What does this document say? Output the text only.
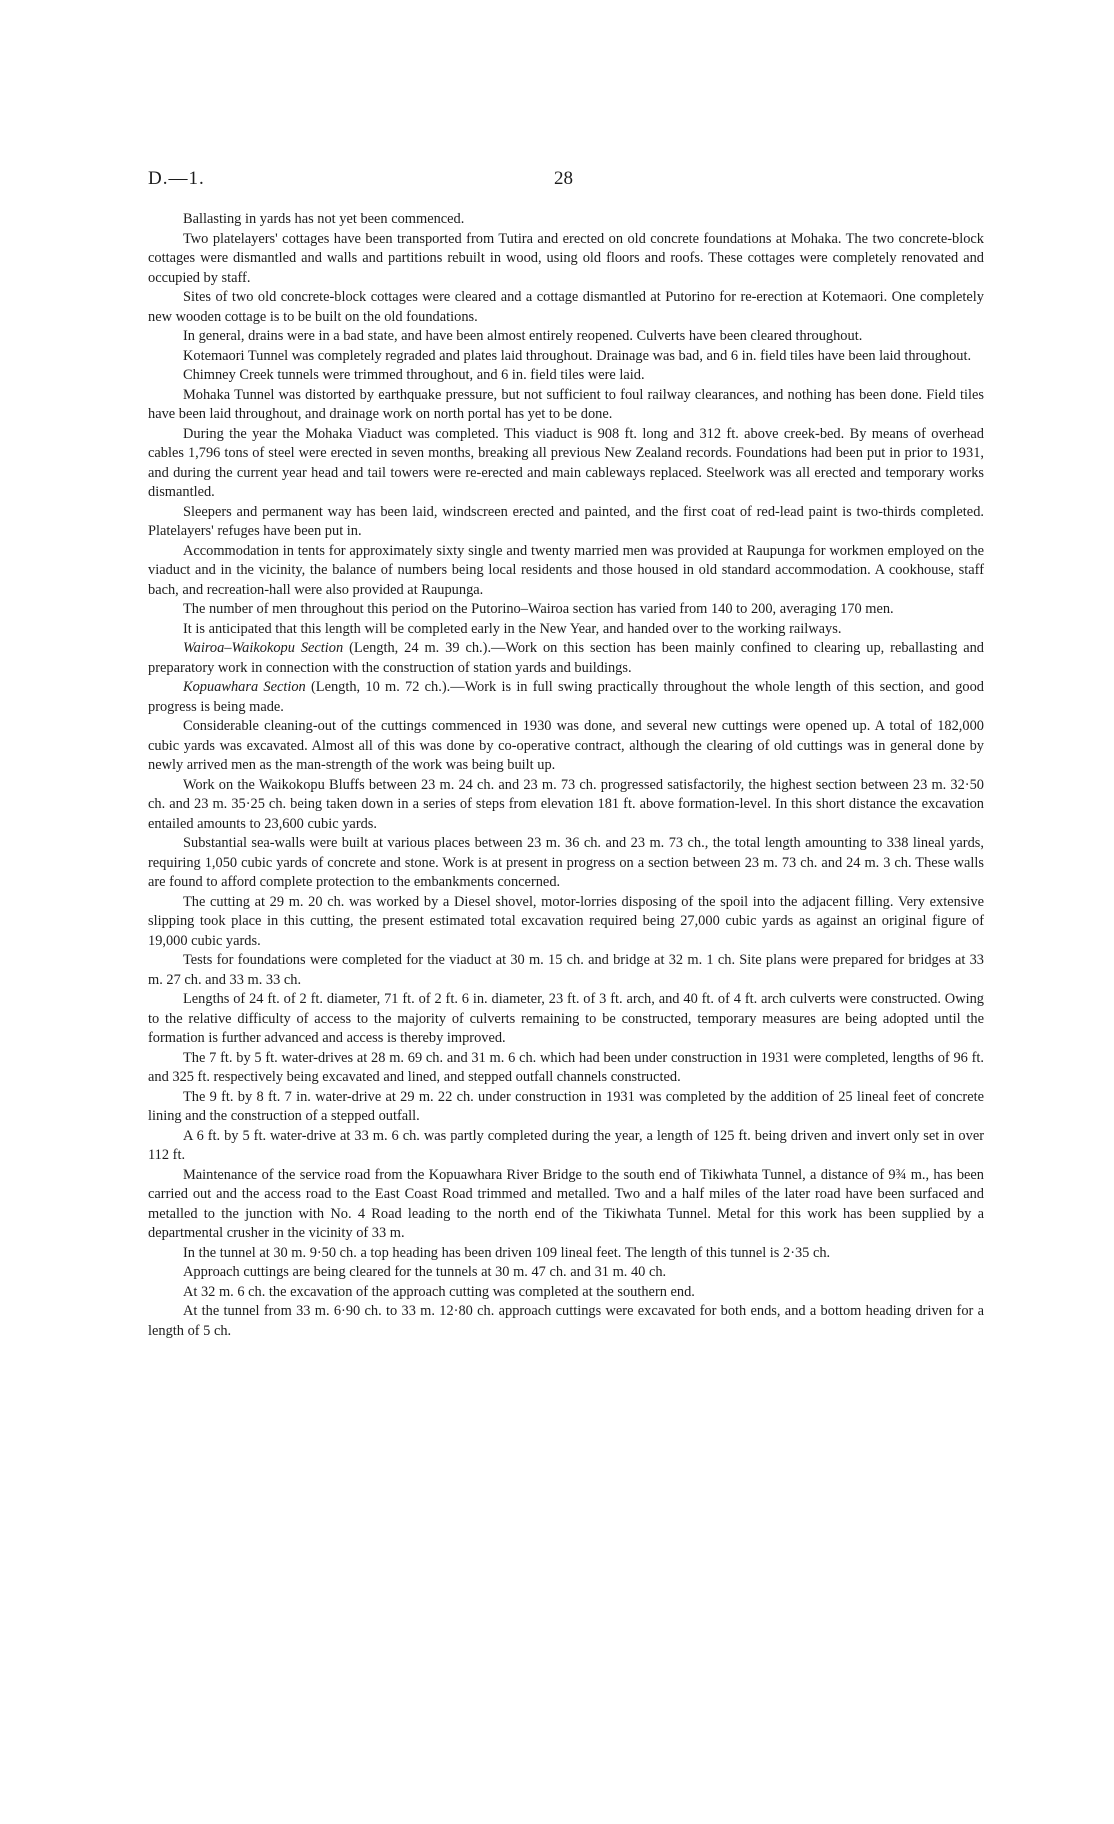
D.—1.	28

Ballasting in yards has not yet been commenced.

Two platelayers' cottages have been transported from Tutira and erected on old concrete foundations at Mohaka. The two concrete-block cottages were dismantled and walls and partitions rebuilt in wood, using old floors and roofs. These cottages were completely renovated and occupied by staff.

Sites of two old concrete-block cottages were cleared and a cottage dismantled at Putorino for re-erection at Kotemaori. One completely new wooden cottage is to be built on the old foundations.

In general, drains were in a bad state, and have been almost entirely reopened. Culverts have been cleared throughout.

Kotemaori Tunnel was completely regraded and plates laid throughout. Drainage was bad, and 6 in. field tiles have been laid throughout.

Chimney Creek tunnels were trimmed throughout, and 6 in. field tiles were laid.

Mohaka Tunnel was distorted by earthquake pressure, but not sufficient to foul railway clearances, and nothing has been done. Field tiles have been laid throughout, and drainage work on north portal has yet to be done.

During the year the Mohaka Viaduct was completed. This viaduct is 908 ft. long and 312 ft. above creek-bed. By means of overhead cables 1,796 tons of steel were erected in seven months, breaking all previous New Zealand records. Foundations had been put in prior to 1931, and during the current year head and tail towers were re-erected and main cableways replaced. Steelwork was all erected and temporary works dismantled.

Sleepers and permanent way has been laid, windscreen erected and painted, and the first coat of red-lead paint is two-thirds completed. Platelayers' refuges have been put in.

Accommodation in tents for approximately sixty single and twenty married men was provided at Raupunga for workmen employed on the viaduct and in the vicinity, the balance of numbers being local residents and those housed in old standard accommodation. A cookhouse, staff bach, and recreation-hall were also provided at Raupunga.

The number of men throughout this period on the Putorino–Wairoa section has varied from 140 to 200, averaging 170 men.

It is anticipated that this length will be completed early in the New Year, and handed over to the working railways.

Wairoa–Waikokopu Section (Length, 24 m. 39 ch.).—Work on this section has been mainly confined to clearing up, reballasting and preparatory work in connection with the construction of station yards and buildings.

Kopuawhara Section (Length, 10 m. 72 ch.).—Work is in full swing practically throughout the whole length of this section, and good progress is being made.

Considerable cleaning-out of the cuttings commenced in 1930 was done, and several new cuttings were opened up. A total of 182,000 cubic yards was excavated. Almost all of this was done by co-operative contract, although the clearing of old cuttings was in general done by newly arrived men as the man-strength of the work was being built up.

Work on the Waikokopu Bluffs between 23 m. 24 ch. and 23 m. 73 ch. progressed satisfactorily, the highest section between 23 m. 32·50 ch. and 23 m. 35·25 ch. being taken down in a series of steps from elevation 181 ft. above formation-level. In this short distance the excavation entailed amounts to 23,600 cubic yards.

Substantial sea-walls were built at various places between 23 m. 36 ch. and 23 m. 73 ch., the total length amounting to 338 lineal yards, requiring 1,050 cubic yards of concrete and stone. Work is at present in progress on a section between 23 m. 73 ch. and 24 m. 3 ch. These walls are found to afford complete protection to the embankments concerned.

The cutting at 29 m. 20 ch. was worked by a Diesel shovel, motor-lorries disposing of the spoil into the adjacent filling. Very extensive slipping took place in this cutting, the present estimated total excavation required being 27,000 cubic yards as against an original figure of 19,000 cubic yards.

Tests for foundations were completed for the viaduct at 30 m. 15 ch. and bridge at 32 m. 1 ch. Site plans were prepared for bridges at 33 m. 27 ch. and 33 m. 33 ch.

Lengths of 24 ft. of 2 ft. diameter, 71 ft. of 2 ft. 6 in. diameter, 23 ft. of 3 ft. arch, and 40 ft. of 4 ft. arch culverts were constructed. Owing to the relative difficulty of access to the majority of culverts remaining to be constructed, temporary measures are being adopted until the formation is further advanced and access is thereby improved.

The 7 ft. by 5 ft. water-drives at 28 m. 69 ch. and 31 m. 6 ch. which had been under construction in 1931 were completed, lengths of 96 ft. and 325 ft. respectively being excavated and lined, and stepped outfall channels constructed.

The 9 ft. by 8 ft. 7 in. water-drive at 29 m. 22 ch. under construction in 1931 was completed by the addition of 25 lineal feet of concrete lining and the construction of a stepped outfall.

A 6 ft. by 5 ft. water-drive at 33 m. 6 ch. was partly completed during the year, a length of 125 ft. being driven and invert only set in over 112 ft.

Maintenance of the service road from the Kopuawhara River Bridge to the south end of Tikiwhata Tunnel, a distance of 9¾ m., has been carried out and the access road to the East Coast Road trimmed and metalled. Two and a half miles of the later road have been surfaced and metalled to the junction with No. 4 Road leading to the north end of the Tikiwhata Tunnel. Metal for this work has been supplied by a departmental crusher in the vicinity of 33 m.

In the tunnel at 30 m. 9·50 ch. a top heading has been driven 109 lineal feet. The length of this tunnel is 2·35 ch.

Approach cuttings are being cleared for the tunnels at 30 m. 47 ch. and 31 m. 40 ch.

At 32 m. 6 ch. the excavation of the approach cutting was completed at the southern end.

At the tunnel from 33 m. 6·90 ch. to 33 m. 12·80 ch. approach cuttings were excavated for both ends, and a bottom heading driven for a length of 5 ch.
